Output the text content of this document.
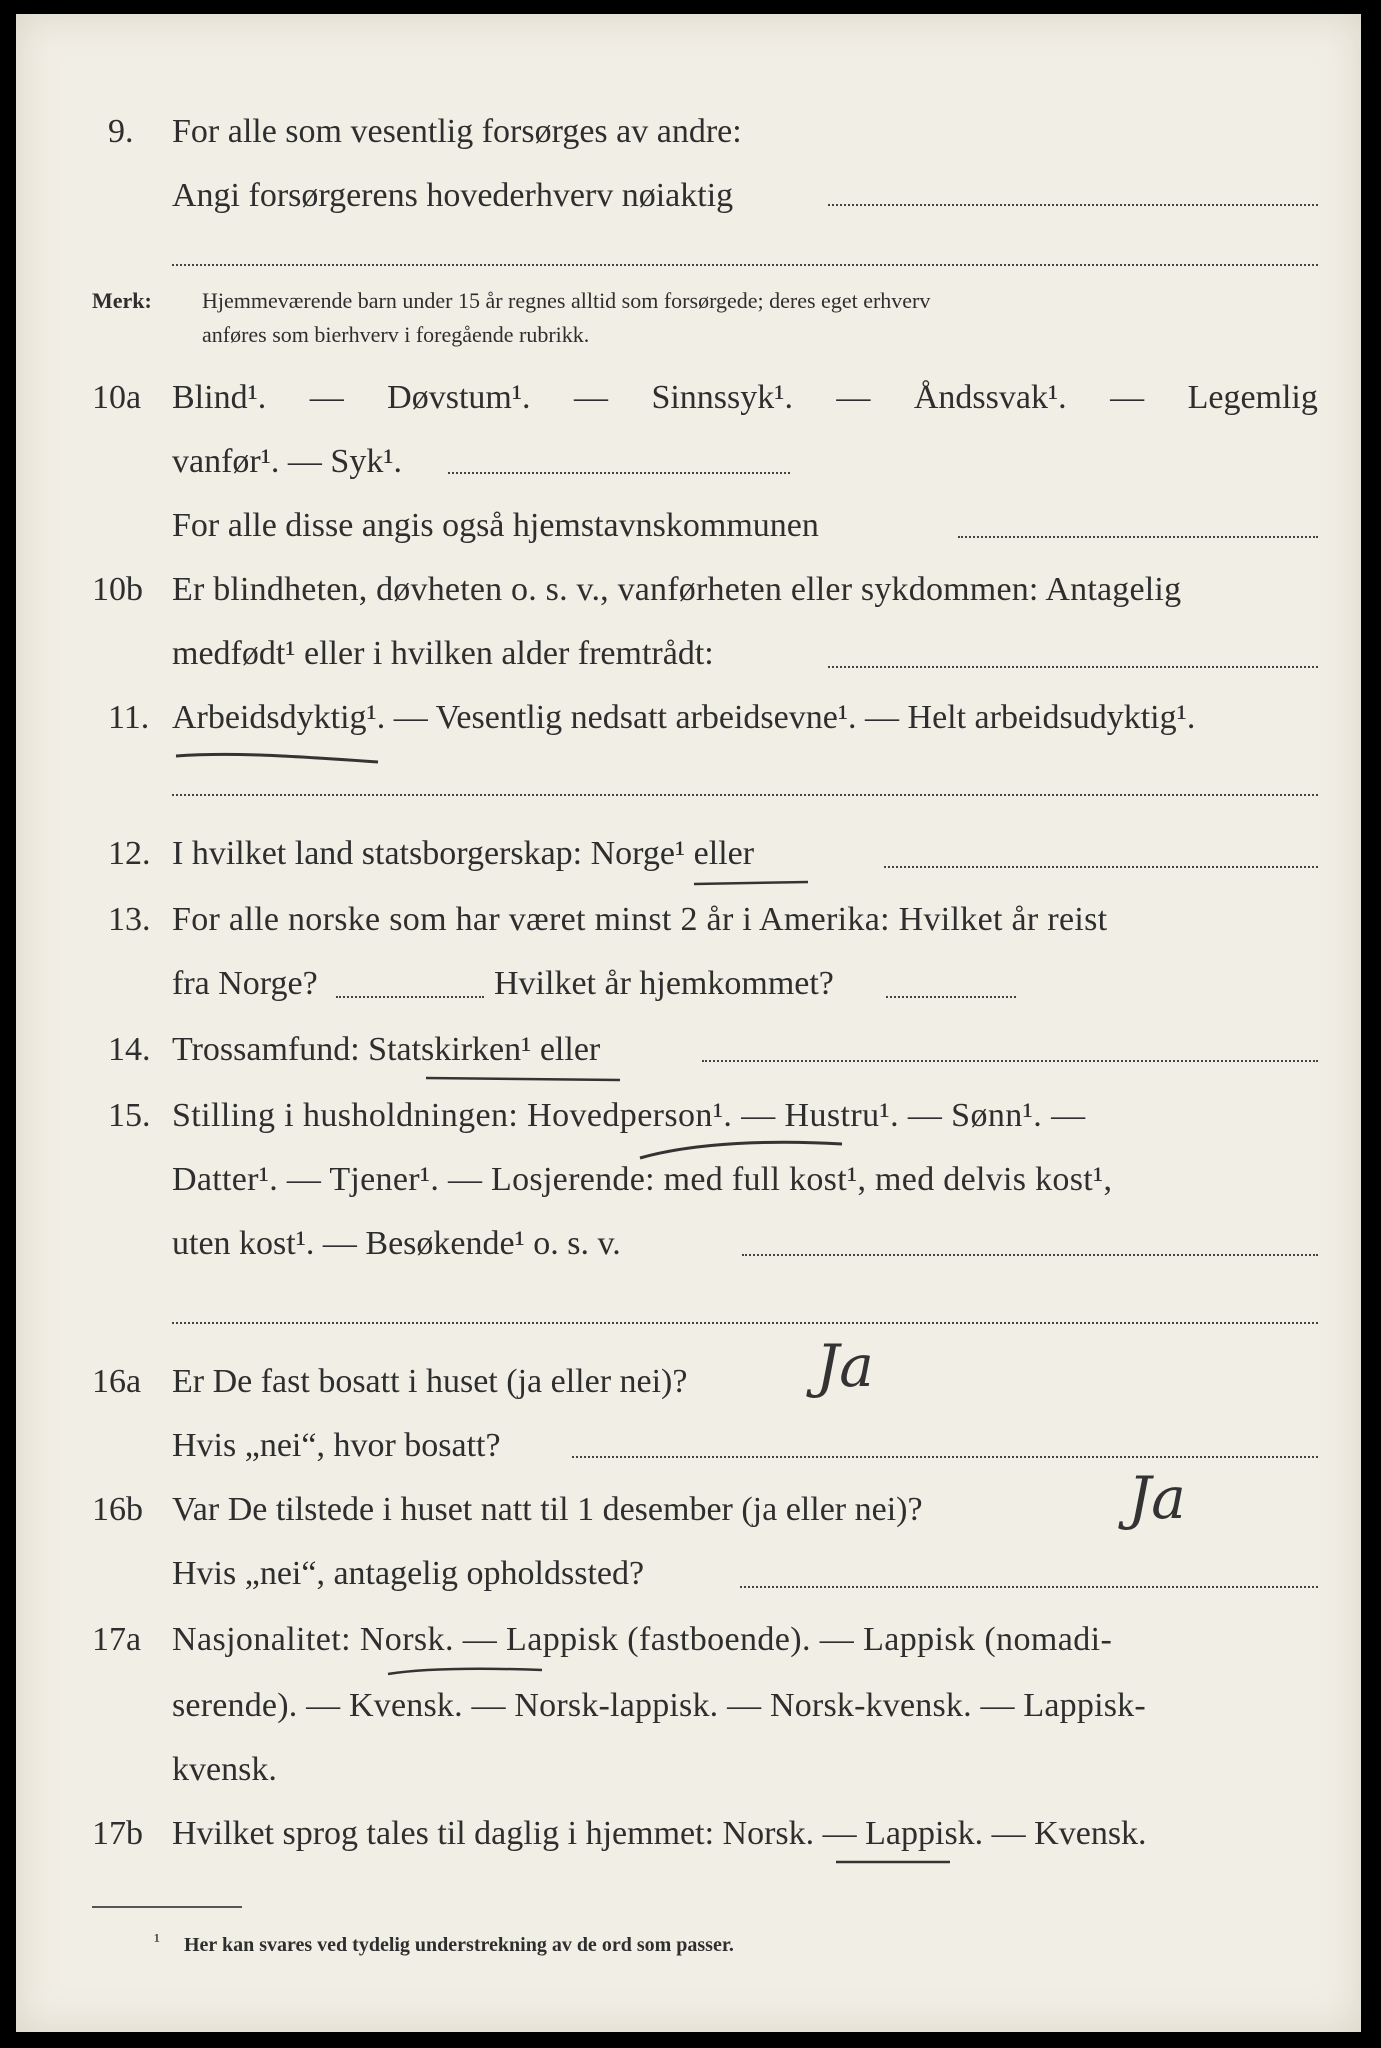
9. For alle som vesentlig forsørges av andre:
Angi forsørgerens hovederhverv nøiaktig
Merk: Hjemmeværende barn under 15 år regnes alltid som forsørgede; deres eget erhverv
anføres som bierhverv i foregående rubrikk.
10a Blind¹. — Døvstum¹. — Sinnssyk¹. — Åndssvak¹. — Legemlig
vanfør¹. — Syk¹.
For alle disse angis også hjemstavnskommunen
10b Er blindheten, døvheten o. s. v., vanførheten eller sykdommen: Antagelig
medfødt¹ eller i hvilken alder fremtrådt:
11. Arbeidsdyktig¹. — Vesentlig nedsatt arbeidsevne¹. — Helt arbeidsudyktig¹.
12. I hvilket land statsborgerskap: Norge¹ eller
13. For alle norske som har været minst 2 år i Amerika: Hvilket år reist
fra Norge?	Hvilket år hjemkommet?
14. Trossamfund: Statskirken¹ eller
15. Stilling i husholdningen: Hovedperson¹. — Hustru¹. — Sønn¹. —
Datter¹. — Tjener¹. — Losjerende: med full kost¹, med delvis kost¹,
uten kost¹. — Besøkende¹ o. s. v.
16a Er De fast bosatt i huset (ja eller nei)? Ja
Hvis „nei“, hvor bosatt?
16b Var De tilstede i huset natt til 1 desember (ja eller nei)?	Ja
Hvis „nei“, antagelig opholdssted?
17a Nasjonalitet: Norsk. — Lappisk (fastboende). — Lappisk (nomadi-
serende). — Kvensk. — Norsk-lappisk. — Norsk-kvensk. — Lappisk-
kvensk.
17b Hvilket sprog tales til daglig i hjemmet: Norsk. — Lappisk. — Kvensk.
¹ Her kan svares ved tydelig understrekning av de ord som passer.
